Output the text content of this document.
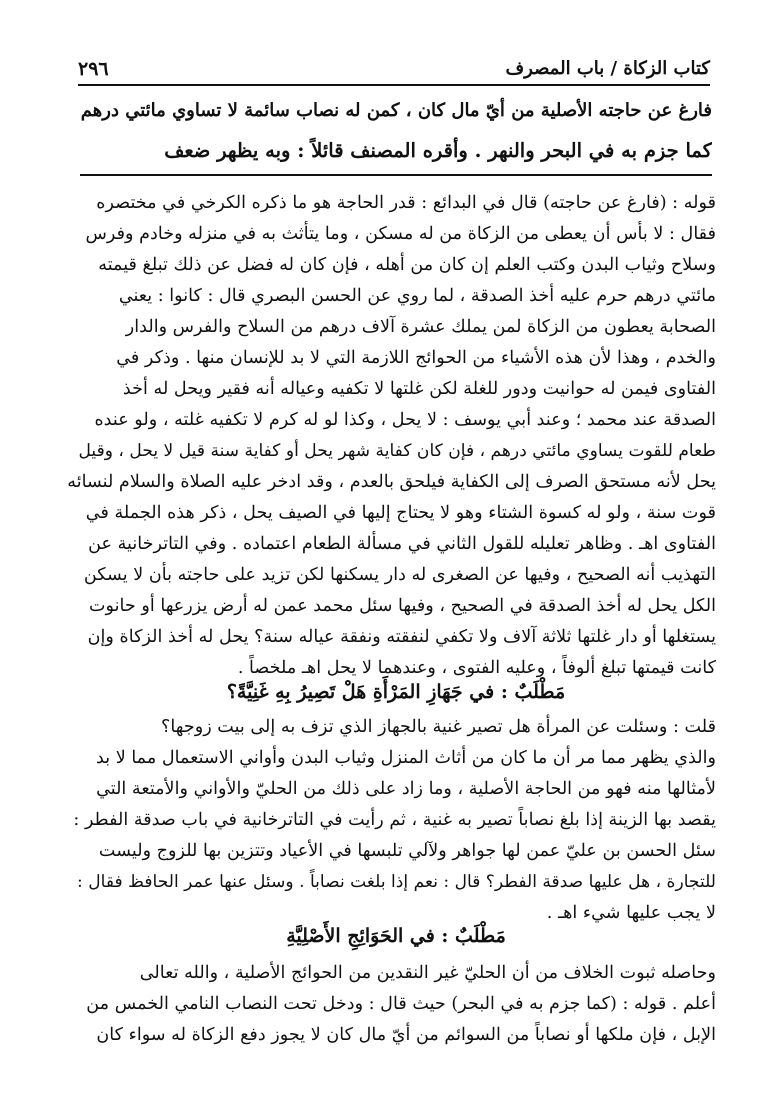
كتاب الزكاة / باب المصرف
٢٩٦
فارغ عن حاجته الأصلية من أيّ مال كان ، كمن له نصاب سائمة لا تساوي مائتي درهم
كما جزم به في البحر والنهر . وأقره المصنف قائلاً : وبه يظهر ضعف
قوله : (فارغ عن حاجته) قال في البدائع : قدر الحاجة هو ما ذكره الكرخي في مختصره
فقال : لا بأس أن يعطى من الزكاة من له مسكن ، وما يتأثث به في منزله وخادم وفرس
وسلاح وثياب البدن وكتب العلم إن كان من أهله ، فإن كان له فضل عن ذلك تبلغ قيمته
مائتي درهم حرم عليه أخذ الصدقة ، لما روي عن الحسن البصري قال : كانوا : يعني
الصحابة يعطون من الزكاة لمن يملك عشرة آلاف درهم من السلاح والفرس والدار
والخدم ، وهذا لأن هذه الأشياء من الحوائج اللازمة التي لا بد للإنسان منها . وذكر في
الفتاوى فيمن له حوانيت ودور للغلة لكن غلتها لا تكفيه وعياله أنه فقير ويحل له أخذ
الصدقة عند محمد ؛ وعند أبي يوسف : لا يحل ، وكذا لو له كرم لا تكفيه غلته ، ولو عنده
طعام للقوت يساوي مائتي درهم ، فإن كان كفاية شهر يحل أو كفاية سنة قيل لا يحل ، وقيل
يحل لأنه مستحق الصرف إلى الكفاية فيلحق بالعدم ، وقد ادخر عليه الصلاة والسلام لنسائه
قوت سنة ، ولو له كسوة الشتاء وهو لا يحتاج إليها في الصيف يحل ، ذكر هذه الجملة في
الفتاوى اهـ . وظاهر تعليله للقول الثاني في مسألة الطعام اعتماده . وفي التاترخانية عن
التهذيب أنه الصحيح ، وفيها عن الصغرى له دار يسكنها لكن تزيد على حاجته بأن لا يسكن
الكل يحل له أخذ الصدقة في الصحيح ، وفيها سئل محمد عمن له أرض يزرعها أو حانوت
يستغلها أو دار غلتها ثلاثة آلاف ولا تكفي لنفقته ونفقة عياله سنة؟ يحل له أخذ الزكاة وإن
كانت قيمتها تبلغ ألوفاً ، وعليه الفتوى ، وعندهما لا يحل اهـ ملخصاً .
مَطْلَبٌ : في جَهَازِ المَرْأَةِ هَلْ تَصِيرُ بِهِ غَنِيَّةً؟
قلت : وسئلت عن المرأة هل تصير غنية بالجهاز الذي تزف به إلى بيت زوجها؟
والذي يظهر مما مر أن ما كان من أثاث المنزل وثياب البدن وأواني الاستعمال مما لا بد
لأمثالها منه فهو من الحاجة الأصلية ، وما زاد على ذلك من الحليّ والأواني والأمتعة التي
يقصد بها الزينة إذا بلغ نصاباً تصير به غنية ، ثم رأيت في التاترخانية في باب صدقة الفطر :
سئل الحسن بن عليّ عمن لها جواهر ولآلي تلبسها في الأعياد وتتزين بها للزوج وليست
للتجارة ، هل عليها صدقة الفطر؟ قال : نعم إذا بلغت نصاباً . وسئل عنها عمر الحافظ فقال :
لا يجب عليها شيء اهـ .
مَطْلَبٌ : في الحَوَائِجِ الأَصْلِيَّةِ
وحاصله ثبوت الخلاف من أن الحليّ غير النقدين من الحوائج الأصلية ، والله تعالى
أعلم . قوله : (كما جزم به في البحر) حيث قال : ودخل تحت النصاب النامي الخمس من
الإبل ، فإن ملكها أو نصاباً من السوائم من أيّ مال كان لا يجوز دفع الزكاة له سواء كان
